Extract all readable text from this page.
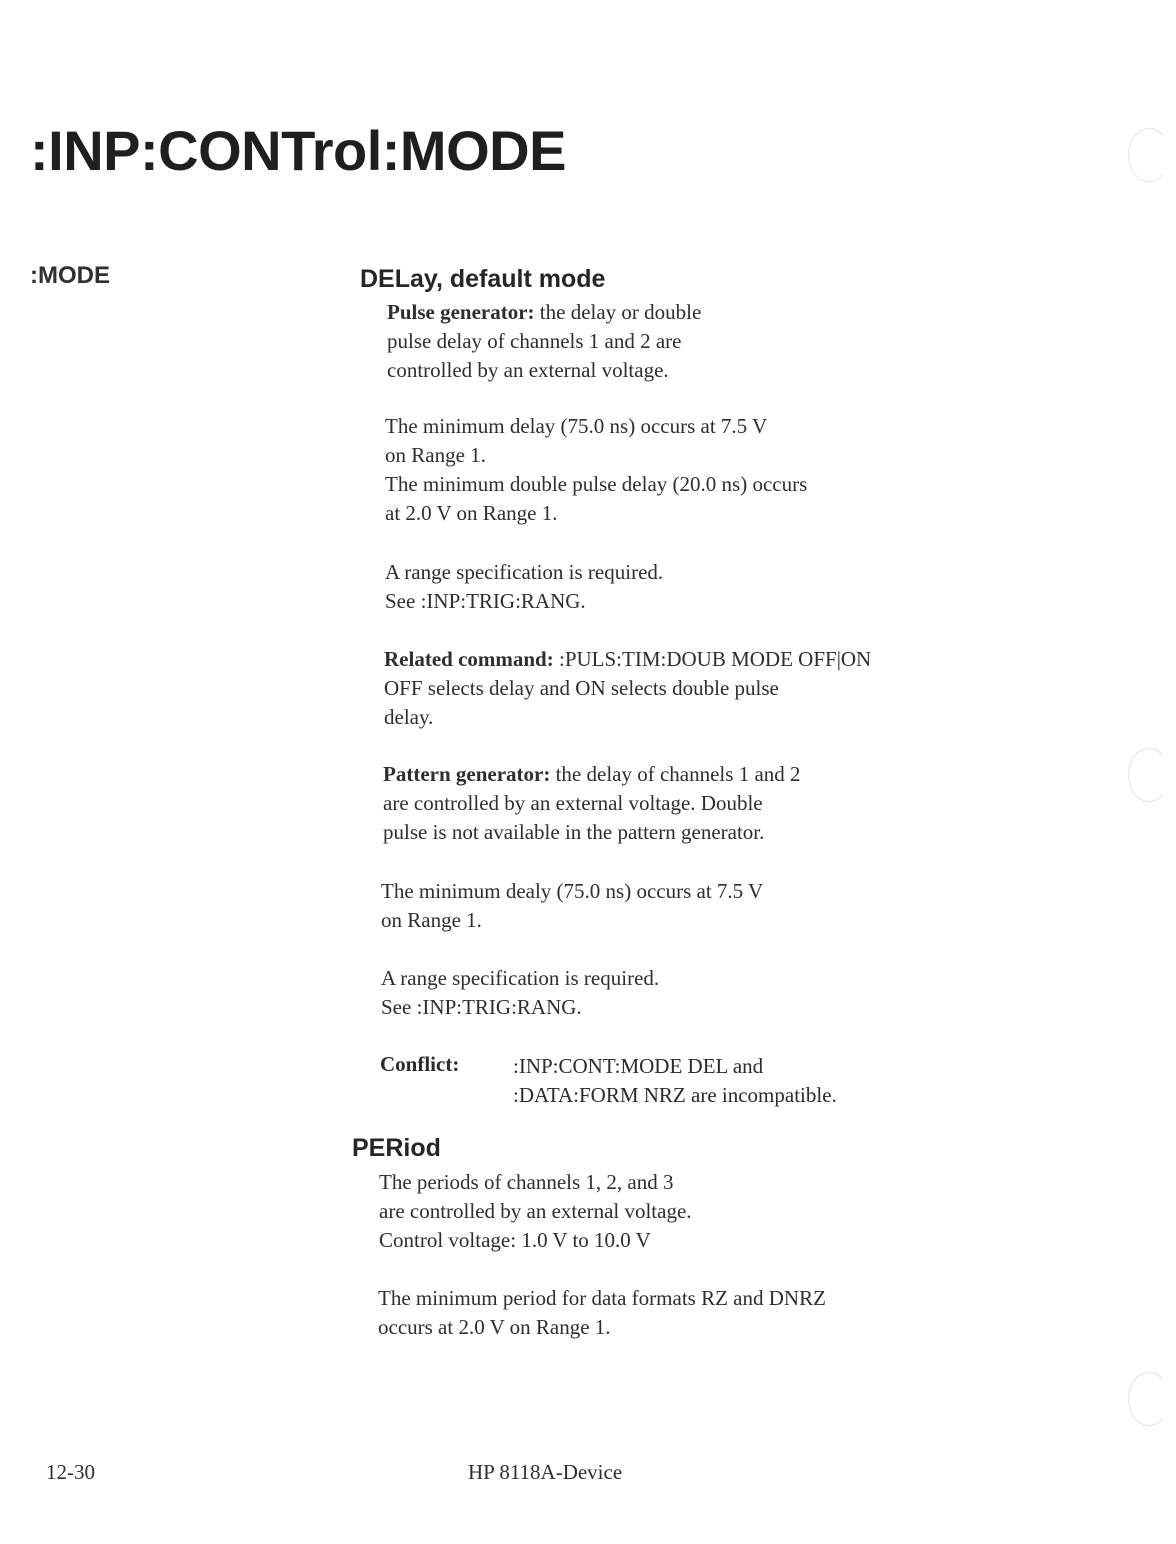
:INP:CONTrol:MODE
:MODE	DELay, default mode
Pulse generator: the delay or double
pulse delay of channels 1 and 2 are
controlled by an external voltage.
The minimum delay (75.0 ns) occurs at 7.5 V
on Range 1.
The minimum double pulse delay (20.0 ns) occurs
at 2.0 V on Range 1.
A range specification is required.
See :INP:TRIG:RANG.
Related command: :PULS:TIM:DOUB MODE OFF|ON
OFF selects delay and ON selects double pulse
delay.
Pattern generator: the delay of channels 1 and 2
are controlled by an external voltage. Double
pulse is not available in the pattern generator.
The minimum dealy (75.0 ns) occurs at 7.5 V
on Range 1.
A range specification is required.
See :INP:TRIG:RANG.
Conflict:	:INP:CONT:MODE DEL and
:DATA:FORM NRZ are incompatible.
PERiod
The periods of channels 1, 2, and 3
are controlled by an external voltage.
Control voltage: 1.0 V to 10.0 V
The minimum period for data formats RZ and DNRZ
occurs at 2.0 V on Range 1.
12-30	HP 8118A-Device
